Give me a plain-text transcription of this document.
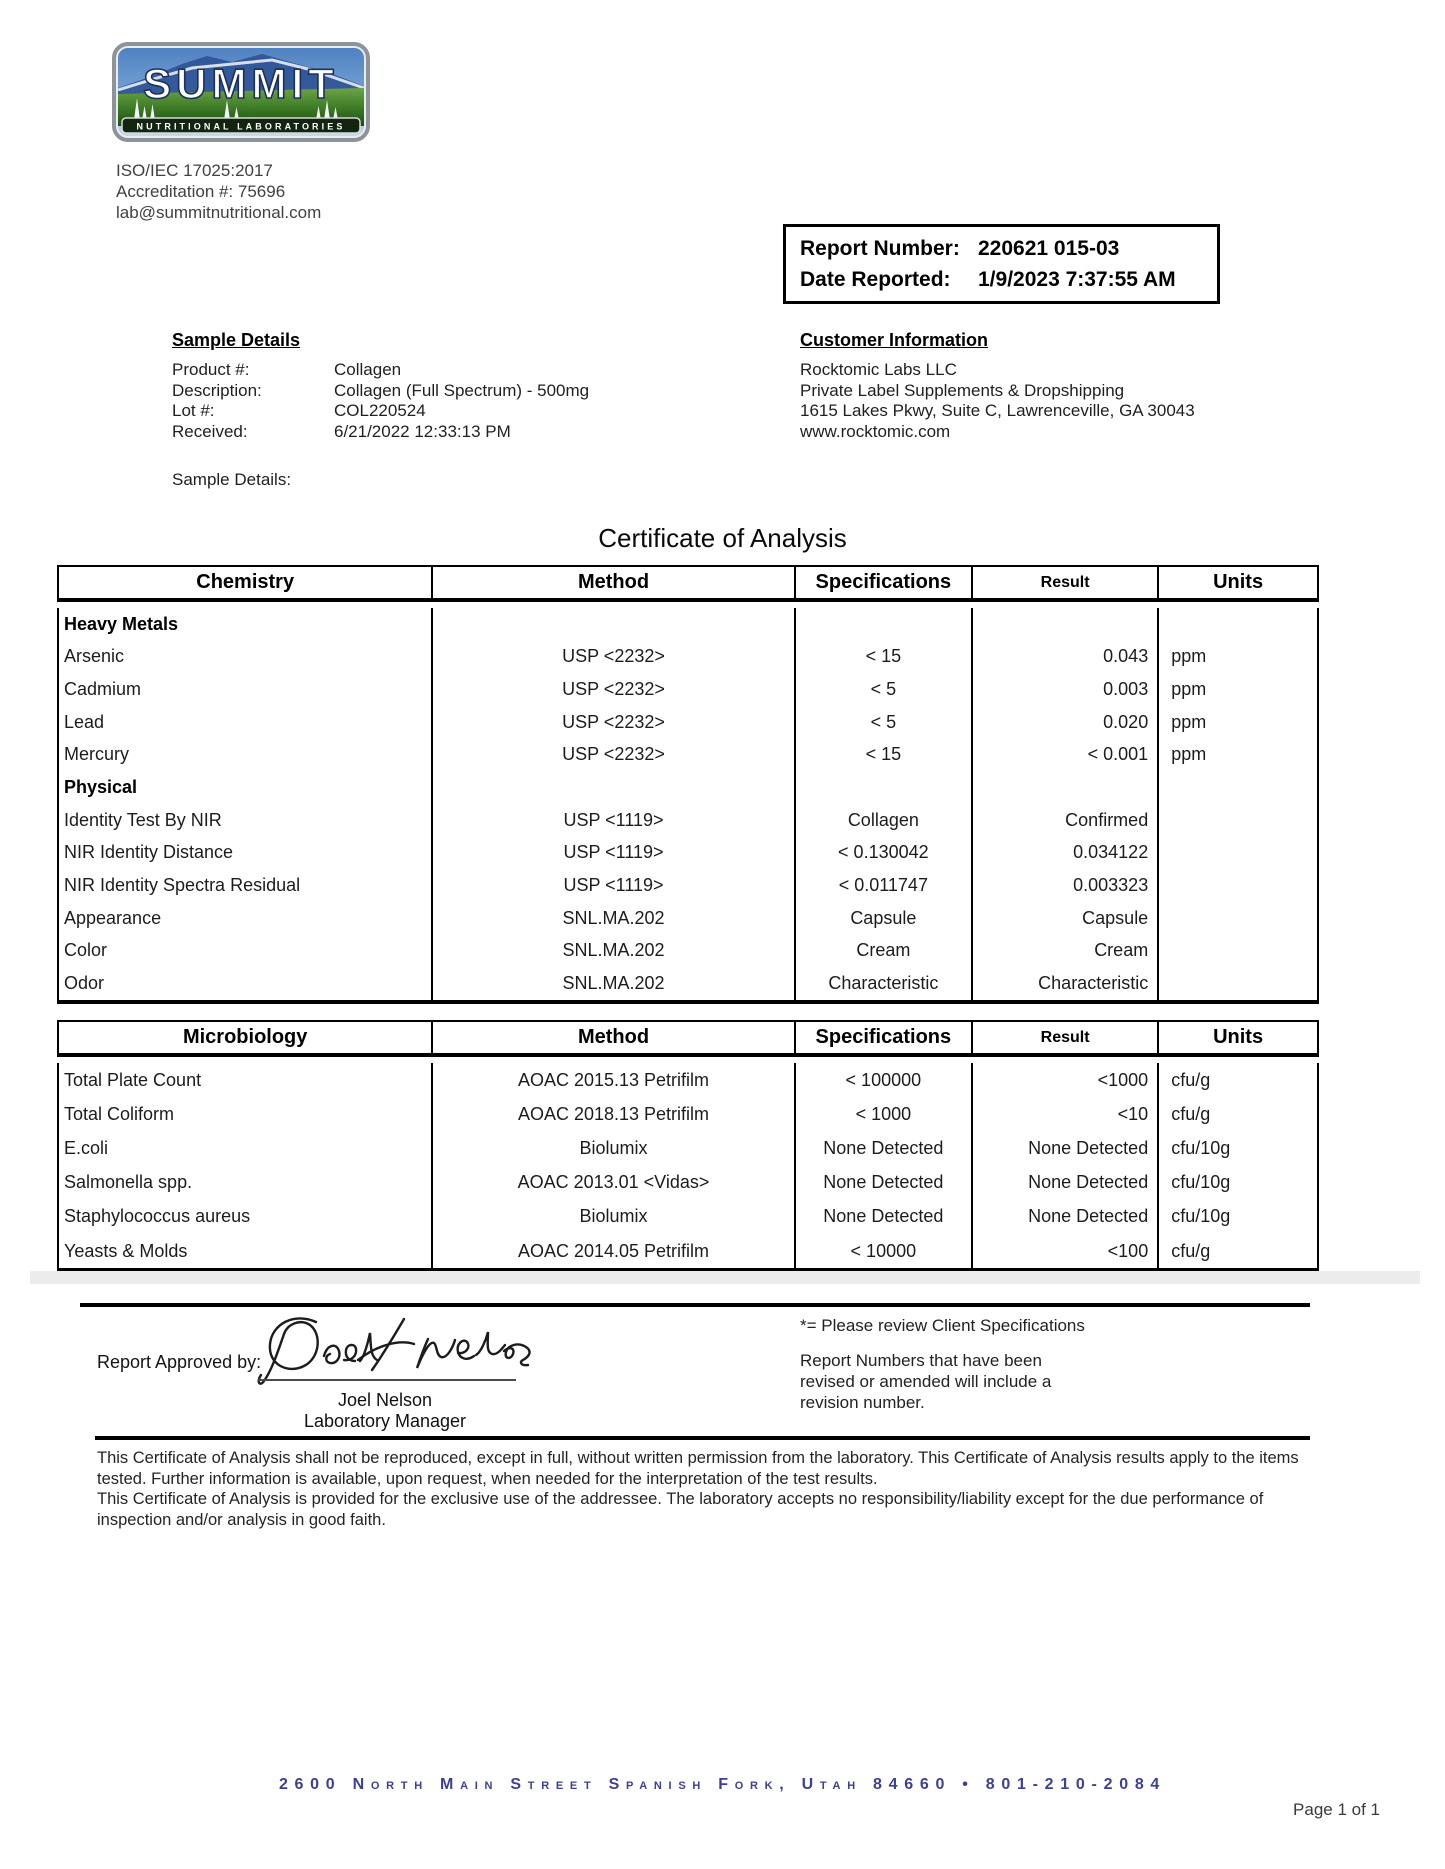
SUMMIT
NUTRITIONAL LABORATORIES
ISO/IEC 17025:2017
Accreditation #: 75696
lab@summitnutritional.com
Report Number: 220621 015-03
Date Reported:	1/9/2023 7:37:55 AM
Sample Details
Product #:	Collagen
Description:	Collagen (Full Spectrum) - 500mg
Lot #:	COL220524
Received:	6/21/2022 12:33:13 PM
Sample Details:
Customer Information
Rocktomic Labs LLC
Private Label Supplements & Dropshipping
1615 Lakes Pkwy, Suite C, Lawrenceville, GA 30043
www.rocktomic.com
Certificate of Analysis
Chemistry	Method	Specifications	Result	Units
Heavy Metals
Arsenic	USP <2232>	< 15	0.043	ppm
Cadmium	USP <2232>	< 5	0.003	ppm
Lead	USP <2232>	< 5	0.020	ppm
Mercury	USP <2232>	< 15	< 0.001	ppm
Physical
Identity Test By NIR	USP <1119>	Collagen	Confirmed
NIR Identity Distance	USP <1119>	< 0.130042	0.034122
NIR Identity Spectra Residual	USP <1119>	< 0.011747	0.003323
Appearance	SNL.MA.202	Capsule	Capsule
Color	SNL.MA.202	Cream	Cream
Odor	SNL.MA.202	Characteristic	Characteristic
Microbiology	Method	Specifications	Result	Units
Total Plate Count	AOAC 2015.13 Petrifilm	< 100000	<1000	cfu/g
Total Coliform	AOAC 2018.13 Petrifilm	< 1000	<10	cfu/g
E.coli	Biolumix	None Detected	None Detected	cfu/10g
Salmonella spp.	AOAC 2013.01 <Vidas>	None Detected	None Detected	cfu/10g
Staphylococcus aureus	Biolumix	None Detected	None Detected	cfu/10g
Yeasts & Molds	AOAC 2014.05 Petrifilm	< 10000	<100	cfu/g
Report Approved by:
Joel Nelson
Laboratory Manager
*= Please review Client Specifications
Report Numbers that have been revised or amended will include a revision number.
This Certificate of Analysis shall not be reproduced, except in full, without written permission from the laboratory. This Certificate of Analysis results apply to the items tested. Further information is available, upon request, when needed for the interpretation of the test results.
This Certificate of Analysis is provided for the exclusive use of the addressee. The laboratory accepts no responsibility/liability except for the due performance of inspection and/or analysis in good faith.
2600 North Main Street Spanish Fork, Utah 84660 • 801-210-2084
Page 1 of 1
